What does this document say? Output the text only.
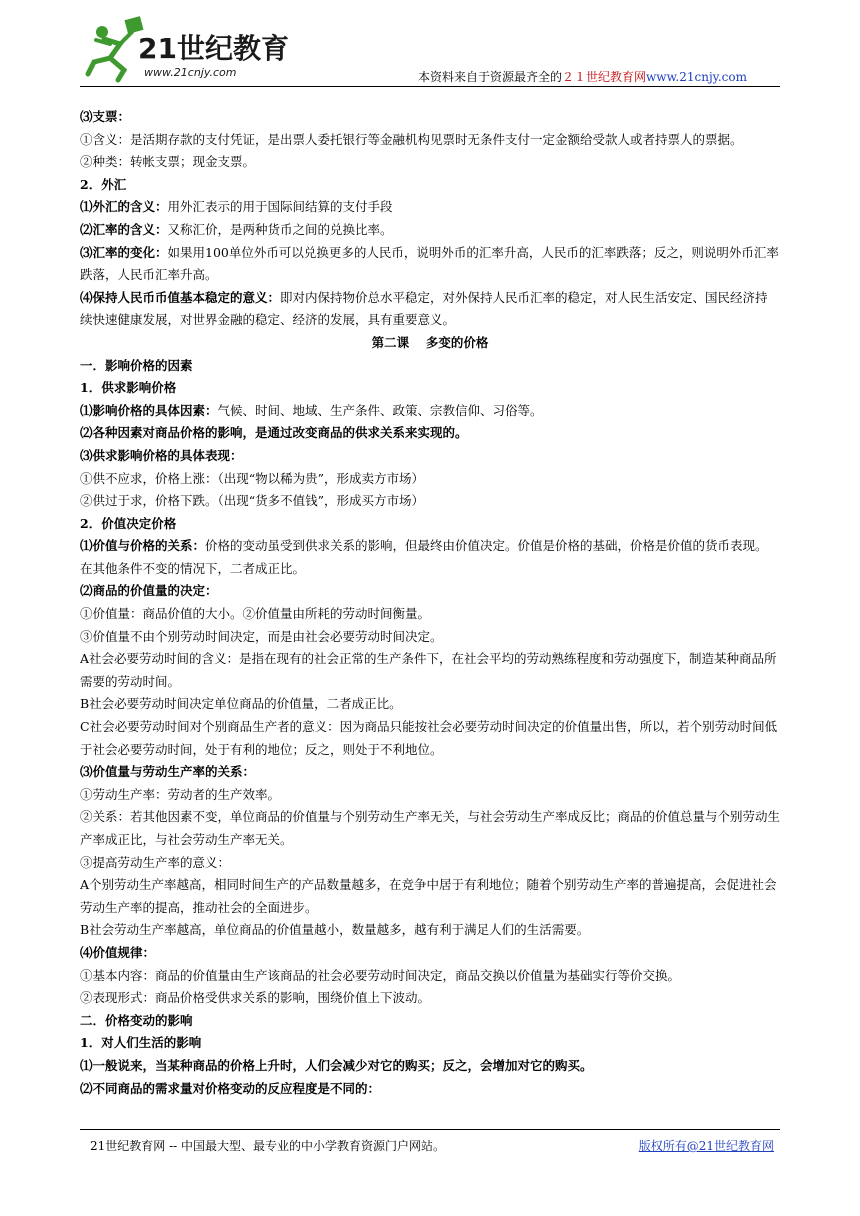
21世纪教育
www.21cnjy.com	本资料来自于资源最齐全的２１世纪教育网www.21cnjy.com

⑶支票：

①含义：是活期存款的支付凭证，是出票人委托银行等金融机构见票时无条件支付一定金额给受款人或者持票人的票据。

②种类：转帐支票；现金支票。

2．外汇

⑴外汇的含义：用外汇表示的用于国际间结算的支付手段

⑵汇率的含义：又称汇价，是两种货币之间的兑换比率。

⑶汇率的变化：如果用100单位外币可以兑换更多的人民币，说明外币的汇率升高，人民币的汇率跌落；反之，则说明外币汇率跌落，人民币汇率升高。

⑷保持人民币币值基本稳定的意义：即对内保持物价总水平稳定，对外保持人民币汇率的稳定，对人民生活安定、国民经济持续快速健康发展，对世界金融的稳定、经济的发展，具有重要意义。

第二课　 多变的价格

一．影响价格的因素

1．供求影响价格

⑴影响价格的具体因素：气候、时间、地域、生产条件、政策、宗教信仰、习俗等。

⑵各种因素对商品价格的影响，是通过改变商品的供求关系来实现的。

⑶供求影响价格的具体表现：

①供不应求，价格上涨：（出现“物以稀为贵”，形成卖方市场）

②供过于求，价格下跌。（出现“货多不值钱”，形成买方市场）

2．价值决定价格

⑴价值与价格的关系：价格的变动虽受到供求关系的影响，但最终由价值决定。价值是价格的基础，价格是价值的货币表现。在其他条件不变的情况下，二者成正比。

⑵商品的价值量的决定：

①价值量：商品价值的大小。②价值量由所耗的劳动时间衡量。

③价值量不由个别劳动时间决定，而是由社会必要劳动时间决定。

A社会必要劳动时间的含义：是指在现有的社会正常的生产条件下，在社会平均的劳动熟练程度和劳动强度下，制造某种商品所需要的劳动时间。

B社会必要劳动时间决定单位商品的价值量，二者成正比。

C社会必要劳动时间对个别商品生产者的意义：因为商品只能按社会必要劳动时间决定的价值量出售，所以，若个别劳动时间低于社会必要劳动时间，处于有利的地位；反之，则处于不利地位。

⑶价值量与劳动生产率的关系：

①劳动生产率：劳动者的生产效率。

②关系：若其他因素不变，单位商品的价值量与个别劳动生产率无关，与社会劳动生产率成反比；商品的价值总量与个别劳动生产率成正比，与社会劳动生产率无关。

③提高劳动生产率的意义：

A个别劳动生产率越高，相同时间生产的产品数量越多，在竞争中居于有利地位；随着个别劳动生产率的普遍提高，会促进社会劳动生产率的提高，推动社会的全面进步。

B社会劳动生产率越高，单位商品的价值量越小，数量越多，越有利于满足人们的生活需要。

⑷价值规律：

①基本内容：商品的价值量由生产该商品的社会必要劳动时间决定，商品交换以价值量为基础实行等价交换。

②表现形式：商品价格受供求关系的影响，围绕价值上下波动。

二．价格变动的影响

1．对人们生活的影响

⑴一般说来，当某种商品的价格上升时，人们会减少对它的购买；反之，会增加对它的购买。

⑵不同商品的需求量对价格变动的反应程度是不同的：

21世纪教育网 -- 中国最大型、最专业的中小学教育资源门户网站。	版权所有@21世纪教育网
